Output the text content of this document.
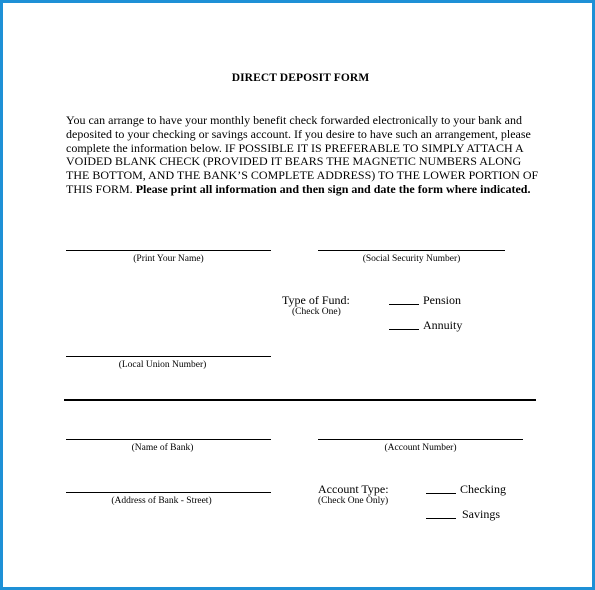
DIRECT DEPOSIT FORM
You can arrange to have your monthly benefit check forwarded electronically to your bank and deposited to your checking or savings account. If you desire to have such an arrangement, please complete the information below. IF POSSIBLE IT IS PREFERABLE TO SIMPLY ATTACH A VOIDED BLANK CHECK (PROVIDED IT BEARS THE MAGNETIC NUMBERS ALONG THE BOTTOM, AND THE BANK’S COMPLETE ADDRESS) TO THE LOWER PORTION OF THIS FORM. Please print all information and then sign and date the form where indicated.
(Print Your Name)	(Social Security Number)
Type of Fund:
(Check One)
Pension
Annuity
(Local Union Number)
(Name of Bank)	(Account Number)
(Address of Bank - Street)
Account Type:
(Check One Only)
Checking
Savings
